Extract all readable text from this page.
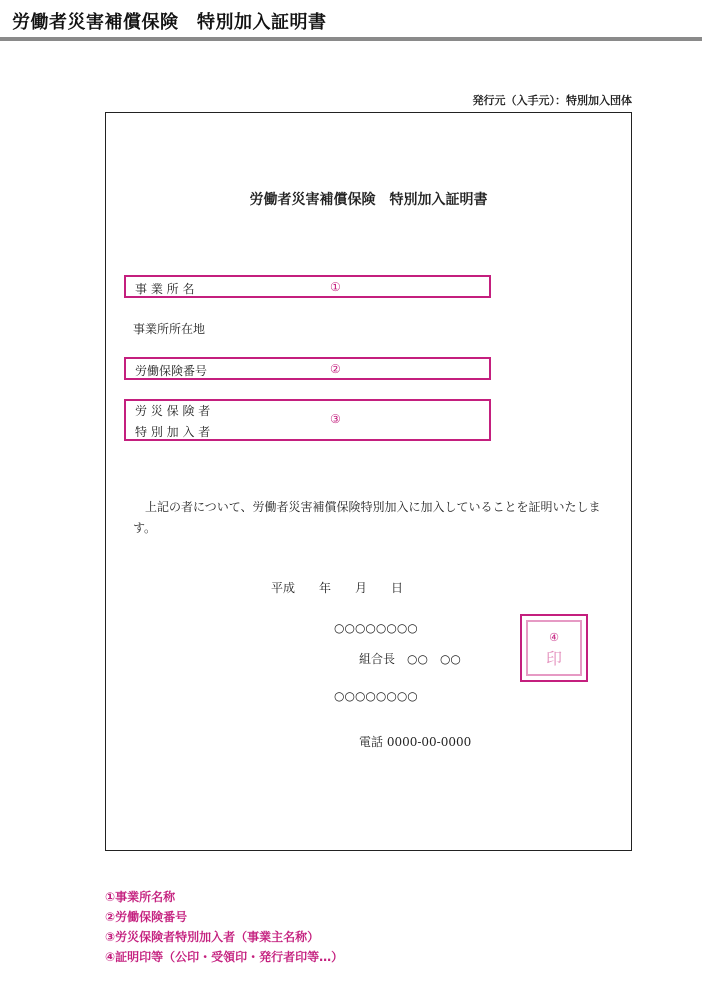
労働者災害補償保険　特別加入証明書
発行元（入手元）：特別加入団体
労働者災害補償保険　特別加入証明書
事 業 所 名	①
事業所所在地
労働保険番号	②
労 災 保 険 者
特 別 加 入 者
③
上記の者について、労働者災害補償保険特別加入に加入していることを証明いたします。
平成　　年　　月　　日
○○○○○○○○
組合長　○○　○○
○○○○○○○○
電話 0000-00-0000
④
印
①事業所名称
②労働保険番号
③労災保険者特別加入者（事業主名称）
④証明印等（公印・受領印・発行者印等…）
